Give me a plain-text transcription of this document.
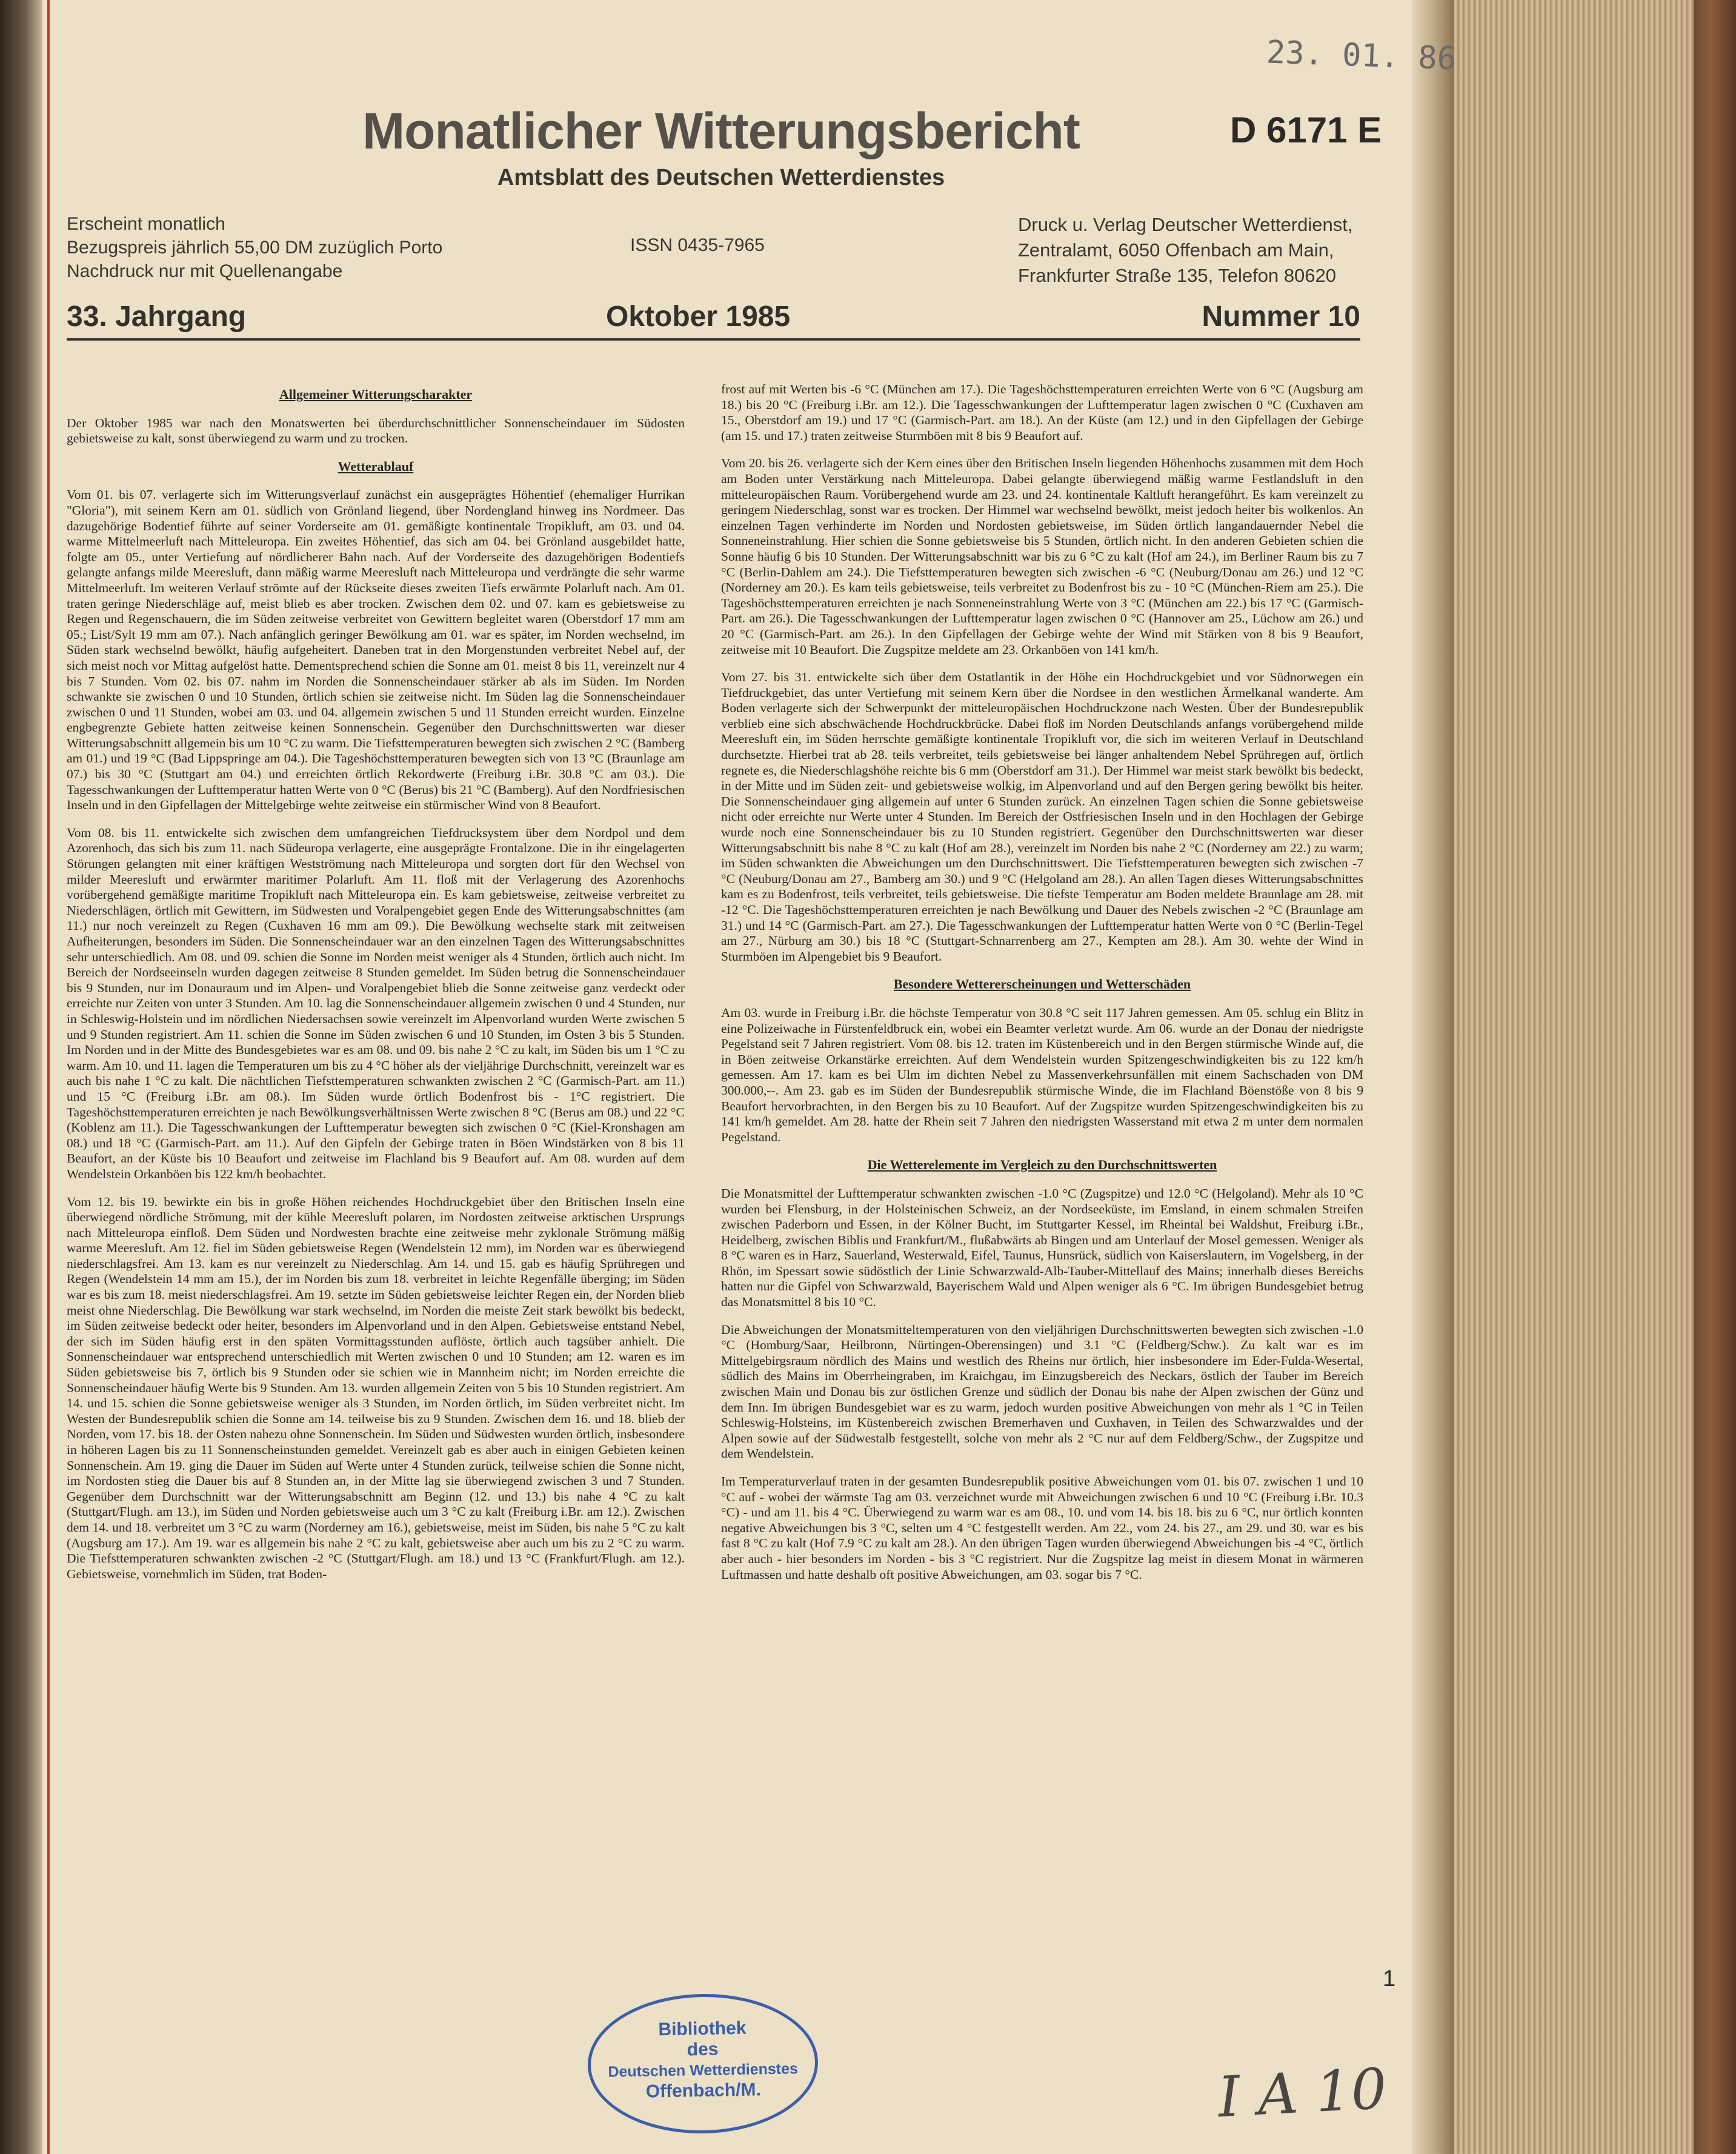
23. 01. 86
Monatlicher Witterungsbericht	D 6171 E
Amtsblatt des Deutschen Wetterdienstes
Erscheint monatlich
Bezugspreis jährlich 55,00 DM zuzüglich Porto
Nachdruck nur mit Quellenangabe
ISSN 0435-7965
Druck u. Verlag Deutscher Wetterdienst,
Zentralamt, 6050 Offenbach am Main,
Frankfurter Straße 135, Telefon 80620
33. Jahrgang	Oktober 1985	Nummer 10
Allgemeiner Witterungscharakter

Der Oktober 1985 war nach den Monatswerten bei überdurchschnittlicher Sonnenscheindauer im Südosten gebietsweise zu kalt, sonst überwiegend zu warm und zu trocken.

Wetterablauf

Vom 01. bis 07. verlagerte sich im Witterungsverlauf zunächst ein ausgeprägtes Höhentief (ehemaliger Hurrikan "Gloria"), mit seinem Kern am 01. südlich von Grönland liegend, über Nordengland hinweg ins Nordmeer. Das dazugehörige Bodentief führte auf seiner Vorderseite am 01. gemäßigte kontinentale Tropikluft, am 03. und 04. warme Mittelmeerluft nach Mitteleuropa. Ein zweites Höhentief, das sich am 04. bei Grönland ausgebildet hatte, folgte am 05., unter Vertiefung auf nördlicherer Bahn nach. Auf der Vorderseite des dazugehörigen Bodentiefs gelangte anfangs milde Meeresluft, dann mäßig warme Meeresluft nach Mitteleuropa und verdrängte die sehr warme Mittelmeerluft. Im weiteren Verlauf strömte auf der Rückseite dieses zweiten Tiefs erwärmte Polarluft nach. Am 01. traten geringe Niederschläge auf, meist blieb es aber trocken. Zwischen dem 02. und 07. kam es gebietsweise zu Regen und Regenschauern, die im Süden zeitweise verbreitet von Gewittern begleitet waren (Oberstdorf 17 mm am 05.; List/Sylt 19 mm am 07.). Nach anfänglich geringer Bewölkung am 01. war es später, im Norden wechselnd, im Süden stark wechselnd bewölkt, häufig aufgeheitert. Daneben trat in den Morgenstunden verbreitet Nebel auf, der sich meist noch vor Mittag aufgelöst hatte. Dementsprechend schien die Sonne am 01. meist 8 bis 11, vereinzelt nur 4 bis 7 Stunden. Vom 02. bis 07. nahm im Norden die Sonnenscheindauer stärker ab als im Süden. Im Norden schwankte sie zwischen 0 und 10 Stunden, örtlich schien sie zeitweise nicht. Im Süden lag die Sonnenscheindauer zwischen 0 und 11 Stunden, wobei am 03. und 04. allgemein zwischen 5 und 11 Stunden erreicht wurden. Einzelne engbegrenzte Gebiete hatten zeitweise keinen Sonnenschein. Gegenüber den Durchschnittswerten war dieser Witterungsabschnitt allgemein bis um 10 °C zu warm. Die Tiefsttemperaturen bewegten sich zwischen 2 °C (Bamberg am 01.) und 19 °C (Bad Lippspringe am 04.). Die Tageshöchsttemperaturen bewegten sich von 13 °C (Braunlage am 07.) bis 30 °C (Stuttgart am 04.) und erreichten örtlich Rekordwerte (Freiburg i.Br. 30.8 °C am 03.). Die Tagesschwankungen der Lufttemperatur hatten Werte von 0 °C (Berus) bis 21 °C (Bamberg). Auf den Nordfriesischen Inseln und in den Gipfellagen der Mittelgebirge wehte zeitweise ein stürmischer Wind von 8 Beaufort.

Vom 08. bis 11. entwickelte sich zwischen dem umfangreichen Tiefdrucksystem über dem Nordpol und dem Azorenhoch, das sich bis zum 11. nach Südeuropa verlagerte, eine ausgeprägte Frontalzone. Die in ihr eingelagerten Störungen gelangten mit einer kräftigen Westströmung nach Mitteleuropa und sorgten dort für den Wechsel von milder Meeresluft und erwärmter maritimer Polarluft. Am 11. floß mit der Verlagerung des Azorenhochs vorübergehend gemäßigte maritime Tropikluft nach Mitteleuropa ein. Es kam gebietsweise, zeitweise verbreitet zu Niederschlägen, örtlich mit Gewittern, im Südwesten und Voralpengebiet gegen Ende des Witterungsabschnittes (am 11.) nur noch vereinzelt zu Regen (Cuxhaven 16 mm am 09.). Die Bewölkung wechselte stark mit zeitweisen Aufheiterungen, besonders im Süden. Die Sonnenscheindauer war an den einzelnen Tagen des Witterungsabschnittes sehr unterschiedlich. Am 08. und 09. schien die Sonne im Norden meist weniger als 4 Stunden, örtlich auch nicht. Im Bereich der Nordseeinseln wurden dagegen zeitweise 8 Stunden gemeldet. Im Süden betrug die Sonnenscheindauer bis 9 Stunden, nur im Donauraum und im Alpen- und Voralpengebiet blieb die Sonne zeitweise ganz verdeckt oder erreichte nur Zeiten von unter 3 Stunden. Am 10. lag die Sonnenscheindauer allgemein zwischen 0 und 4 Stunden, nur in Schleswig-Holstein und im nördlichen Niedersachsen sowie vereinzelt im Alpenvorland wurden Werte zwischen 5 und 9 Stunden registriert. Am 11. schien die Sonne im Süden zwischen 6 und 10 Stunden, im Osten 3 bis 5 Stunden. Im Norden und in der Mitte des Bundesgebietes war es am 08. und 09. bis nahe 2 °C zu kalt, im Süden bis um 1 °C zu warm. Am 10. und 11. lagen die Temperaturen um bis zu 4 °C höher als der vieljährige Durchschnitt, vereinzelt war es auch bis nahe 1 °C zu kalt. Die nächtlichen Tiefsttemperaturen schwankten zwischen 2 °C (Garmisch-Part. am 11.) und 15 °C (Freiburg i.Br. am 08.). Im Süden wurde örtlich Bodenfrost bis - 1°C registriert. Die Tageshöchsttemperaturen erreichten je nach Bewölkungsverhältnissen Werte zwischen 8 °C (Berus am 08.) und 22 °C (Koblenz am 11.). Die Tagesschwankungen der Lufttemperatur bewegten sich zwischen 0 °C (Kiel-Kronshagen am 08.) und 18 °C (Garmisch-Part. am 11.). Auf den Gipfeln der Gebirge traten in Böen Windstärken von 8 bis 11 Beaufort, an der Küste bis 10 Beaufort und zeitweise im Flachland bis 9 Beaufort auf. Am 08. wurden auf dem Wendelstein Orkanböen bis 122 km/h beobachtet.

Vom 12. bis 19. bewirkte ein bis in große Höhen reichendes Hochdruckgebiet über den Britischen Inseln eine überwiegend nördliche Strömung, mit der kühle Meeresluft polaren, im Nordosten zeitweise arktischen Ursprungs nach Mitteleuropa einfloß. Dem Süden und Nordwesten brachte eine zeitweise mehr zyklonale Strömung mäßig warme Meeresluft. Am 12. fiel im Süden gebietsweise Regen (Wendelstein 12 mm), im Norden war es überwiegend niederschlagsfrei. Am 13. kam es nur vereinzelt zu Niederschlag. Am 14. und 15. gab es häufig Sprühregen und Regen (Wendelstein 14 mm am 15.), der im Norden bis zum 18. verbreitet in leichte Regenfälle überging; im Süden war es bis zum 18. meist niederschlagsfrei. Am 19. setzte im Süden gebietsweise leichter Regen ein, der Norden blieb meist ohne Niederschlag. Die Bewölkung war stark wechselnd, im Norden die meiste Zeit stark bewölkt bis bedeckt, im Süden zeitweise bedeckt oder heiter, besonders im Alpenvorland und in den Alpen. Gebietsweise entstand Nebel, der sich im Süden häufig erst in den späten Vormittagsstunden auflöste, örtlich auch tagsüber anhielt. Die Sonnenscheindauer war entsprechend unterschiedlich mit Werten zwischen 0 und 10 Stunden; am 12. waren es im Süden gebietsweise bis 7, örtlich bis 9 Stunden oder sie schien wie in Mannheim nicht; im Norden erreichte die Sonnenscheindauer häufig Werte bis 9 Stunden. Am 13. wurden allgemein Zeiten von 5 bis 10 Stunden registriert. Am 14. und 15. schien die Sonne gebietsweise weniger als 3 Stunden, im Norden örtlich, im Süden verbreitet nicht. Im Westen der Bundesrepublik schien die Sonne am 14. teilweise bis zu 9 Stunden. Zwischen dem 16. und 18. blieb der Norden, vom 17. bis 18. der Osten nahezu ohne Sonnenschein. Im Süden und Südwesten wurden örtlich, insbesondere in höheren Lagen bis zu 11 Sonnenscheinstunden gemeldet. Vereinzelt gab es aber auch in einigen Gebieten keinen Sonnenschein. Am 19. ging die Dauer im Süden auf Werte unter 4 Stunden zurück, teilweise schien die Sonne nicht, im Nordosten stieg die Dauer bis auf 8 Stunden an, in der Mitte lag sie überwiegend zwischen 3 und 7 Stunden. Gegenüber dem Durchschnitt war der Witterungsabschnitt am Beginn (12. und 13.) bis nahe 4 °C zu kalt (Stuttgart/Flugh. am 13.), im Süden und Norden gebietsweise auch um 3 °C zu kalt (Freiburg i.Br. am 12.). Zwischen dem 14. und 18. verbreitet um 3 °C zu warm (Norderney am 16.), gebietsweise, meist im Süden, bis nahe 5 °C zu kalt (Augsburg am 17.). Am 19. war es allgemein bis nahe 2 °C zu kalt, gebietsweise aber auch um bis zu 2 °C zu warm. Die Tiefsttemperaturen schwankten zwischen -2 °C (Stuttgart/Flugh. am 18.) und 13 °C (Frankfurt/Flugh. am 12.). Gebietsweise, vornehmlich im Süden, trat Boden-

frost auf mit Werten bis -6 °C (München am 17.). Die Tageshöchsttemperaturen erreichten Werte von 6 °C (Augsburg am 18.) bis 20 °C (Freiburg i.Br. am 12.). Die Tagesschwankungen der Lufttemperatur lagen zwischen 0 °C (Cuxhaven am 15., Oberstdorf am 19.) und 17 °C (Garmisch-Part. am 18.). An der Küste (am 12.) und in den Gipfellagen der Gebirge (am 15. und 17.) traten zeitweise Sturmböen mit 8 bis 9 Beaufort auf.

Vom 20. bis 26. verlagerte sich der Kern eines über den Britischen Inseln liegenden Höhenhochs zusammen mit dem Hoch am Boden unter Verstärkung nach Mitteleuropa. Dabei gelangte überwiegend mäßig warme Festlandsluft in den mitteleuropäischen Raum. Vorübergehend wurde am 23. und 24. kontinentale Kaltluft herangeführt. Es kam vereinzelt zu geringem Niederschlag, sonst war es trocken. Der Himmel war wechselnd bewölkt, meist jedoch heiter bis wolkenlos. An einzelnen Tagen verhinderte im Norden und Nordosten gebietsweise, im Süden örtlich langandauernder Nebel die Sonneneinstrahlung. Hier schien die Sonne gebietsweise bis 5 Stunden, örtlich nicht. In den anderen Gebieten schien die Sonne häufig 6 bis 10 Stunden. Der Witterungsabschnitt war bis zu 6 °C zu kalt (Hof am 24.), im Berliner Raum bis zu 7 °C (Berlin-Dahlem am 24.). Die Tiefsttemperaturen bewegten sich zwischen -6 °C (Neuburg/Donau am 26.) und 12 °C (Norderney am 20.). Es kam teils gebietsweise, teils verbreitet zu Bodenfrost bis zu - 10 °C (München-Riem am 25.). Die Tageshöchsttemperaturen erreichten je nach Sonneneinstrahlung Werte von 3 °C (München am 22.) bis 17 °C (Garmisch-Part. am 26.). Die Tagesschwankungen der Lufttemperatur lagen zwischen 0 °C (Hannover am 25., Lüchow am 26.) und 20 °C (Garmisch-Part. am 26.). In den Gipfellagen der Gebirge wehte der Wind mit Stärken von 8 bis 9 Beaufort, zeitweise mit 10 Beaufort. Die Zugspitze meldete am 23. Orkanböen von 141 km/h.

Vom 27. bis 31. entwickelte sich über dem Ostatlantik in der Höhe ein Hochdruckgebiet und vor Südnorwegen ein Tiefdruckgebiet, das unter Vertiefung mit seinem Kern über die Nordsee in den westlichen Ärmelkanal wanderte. Am Boden verlagerte sich der Schwerpunkt der mitteleuropäischen Hochdruckzone nach Westen. Über der Bundesrepublik verblieb eine sich abschwächende Hochdruckbrücke. Dabei floß im Norden Deutschlands anfangs vorübergehend milde Meeresluft ein, im Süden herrschte gemäßigte kontinentale Tropikluft vor, die sich im weiteren Verlauf in Deutschland durchsetzte. Hierbei trat ab 28. teils verbreitet, teils gebietsweise bei länger anhaltendem Nebel Sprühregen auf, örtlich regnete es, die Niederschlagshöhe reichte bis 6 mm (Oberstdorf am 31.). Der Himmel war meist stark bewölkt bis bedeckt, in der Mitte und im Süden zeit- und gebietsweise wolkig, im Alpenvorland und auf den Bergen gering bewölkt bis heiter. Die Sonnenscheindauer ging allgemein auf unter 6 Stunden zurück. An einzelnen Tagen schien die Sonne gebietsweise nicht oder erreichte nur Werte unter 4 Stunden. Im Bereich der Ostfriesischen Inseln und in den Hochlagen der Gebirge wurde noch eine Sonnenscheindauer bis zu 10 Stunden registriert. Gegenüber den Durchschnittswerten war dieser Witterungsabschnitt bis nahe 8 °C zu kalt (Hof am 28.), vereinzelt im Norden bis nahe 2 °C (Norderney am 22.) zu warm; im Süden schwankten die Abweichungen um den Durchschnittswert. Die Tiefsttemperaturen bewegten sich zwischen -7 °C (Neuburg/Donau am 27., Bamberg am 30.) und 9 °C (Helgoland am 28.). An allen Tagen dieses Witterungsabschnittes kam es zu Bodenfrost, teils verbreitet, teils gebietsweise. Die tiefste Temperatur am Boden meldete Braunlage am 28. mit -12 °C. Die Tageshöchsttemperaturen erreichten je nach Bewölkung und Dauer des Nebels zwischen -2 °C (Braunlage am 31.) und 14 °C (Garmisch-Part. am 27.). Die Tagesschwankungen der Lufttemperatur hatten Werte von 0 °C (Berlin-Tegel am 27., Nürburg am 30.) bis 18 °C (Stuttgart-Schnarrenberg am 27., Kempten am 28.). Am 30. wehte der Wind in Sturmböen im Alpengebiet bis 9 Beaufort.

Besondere Wettererscheinungen und Wetterschäden

Am 03. wurde in Freiburg i.Br. die höchste Temperatur von 30.8 °C seit 117 Jahren gemessen. Am 05. schlug ein Blitz in eine Polizeiwache in Fürstenfeldbruck ein, wobei ein Beamter verletzt wurde. Am 06. wurde an der Donau der niedrigste Pegelstand seit 7 Jahren registriert. Vom 08. bis 12. traten im Küstenbereich und in den Bergen stürmische Winde auf, die in Böen zeitweise Orkanstärke erreichten. Auf dem Wendelstein wurden Spitzengeschwindigkeiten bis zu 122 km/h gemessen. Am 17. kam es bei Ulm im dichten Nebel zu Massenverkehrsunfällen mit einem Sachschaden von DM 300.000,--. Am 23. gab es im Süden der Bundesrepublik stürmische Winde, die im Flachland Böenstöße von 8 bis 9 Beaufort hervorbrachten, in den Bergen bis zu 10 Beaufort. Auf der Zugspitze wurden Spitzengeschwindigkeiten bis zu 141 km/h gemeldet. Am 28. hatte der Rhein seit 7 Jahren den niedrigsten Wasserstand mit etwa 2 m unter dem normalen Pegelstand.

Die Wetterelemente im Vergleich zu den Durchschnittswerten

Die Monatsmittel der Lufttemperatur schwankten zwischen -1.0 °C (Zugspitze) und 12.0 °C (Helgoland). Mehr als 10 °C wurden bei Flensburg, in der Holsteinischen Schweiz, an der Nordseeküste, im Emsland, in einem schmalen Streifen zwischen Paderborn und Essen, in der Kölner Bucht, im Stuttgarter Kessel, im Rheintal bei Waldshut, Freiburg i.Br., Heidelberg, zwischen Biblis und Frankfurt/M., flußabwärts ab Bingen und am Unterlauf der Mosel gemessen. Weniger als 8 °C waren es in Harz, Sauerland, Westerwald, Eifel, Taunus, Hunsrück, südlich von Kaiserslautern, im Vogelsberg, in der Rhön, im Spessart sowie südöstlich der Linie Schwarzwald-Alb-Tauber-Mittellauf des Mains; innerhalb dieses Bereichs hatten nur die Gipfel von Schwarzwald, Bayerischem Wald und Alpen weniger als 6 °C. Im übrigen Bundesgebiet betrug das Monatsmittel 8 bis 10 °C.

Die Abweichungen der Monatsmitteltemperaturen von den vieljährigen Durchschnittswerten bewegten sich zwischen -1.0 °C (Homburg/Saar, Heilbronn, Nürtingen-Oberensingen) und 3.1 °C (Feldberg/Schw.). Zu kalt war es im Mittelgebirgsraum nördlich des Mains und westlich des Rheins nur örtlich, hier insbesondere im Eder-Fulda-Wesertal, südlich des Mains im Oberrheingraben, im Kraichgau, im Einzugsbereich des Neckars, östlich der Tauber im Bereich zwischen Main und Donau bis zur östlichen Grenze und südlich der Donau bis nahe der Alpen zwischen der Günz und dem Inn. Im übrigen Bundesgebiet war es zu warm, jedoch wurden positive Abweichungen von mehr als 1 °C in Teilen Schleswig-Holsteins, im Küstenbereich zwischen Bremerhaven und Cuxhaven, in Teilen des Schwarzwaldes und der Alpen sowie auf der Südwestalb festgestellt, solche von mehr als 2 °C nur auf dem Feldberg/Schw., der Zugspitze und dem Wendelstein.

Im Temperaturverlauf traten in der gesamten Bundesrepublik positive Abweichungen vom 01. bis 07. zwischen 1 und 10 °C auf - wobei der wärmste Tag am 03. verzeichnet wurde mit Abweichungen zwischen 6 und 10 °C (Freiburg i.Br. 10.3 °C) - und am 11. bis 4 °C. Überwiegend zu warm war es am 08., 10. und vom 14. bis 18. bis zu 6 °C, nur örtlich konnten negative Abweichungen bis 3 °C, selten um 4 °C festgestellt werden. Am 22., vom 24. bis 27., am 29. und 30. war es bis fast 8 °C zu kalt (Hof 7.9 °C zu kalt am 28.). An den übrigen Tagen wurden überwiegend Abweichungen bis -4 °C, örtlich aber auch - hier besonders im Norden - bis 3 °C registriert. Nur die Zugspitze lag meist in diesem Monat in wärmeren Luftmassen und hatte deshalb oft positive Abweichungen, am 03. sogar bis 7 °C.

1
Bibliothek
des
Deutschen Wetterdienstes
Offenbach/M.	I A 10
